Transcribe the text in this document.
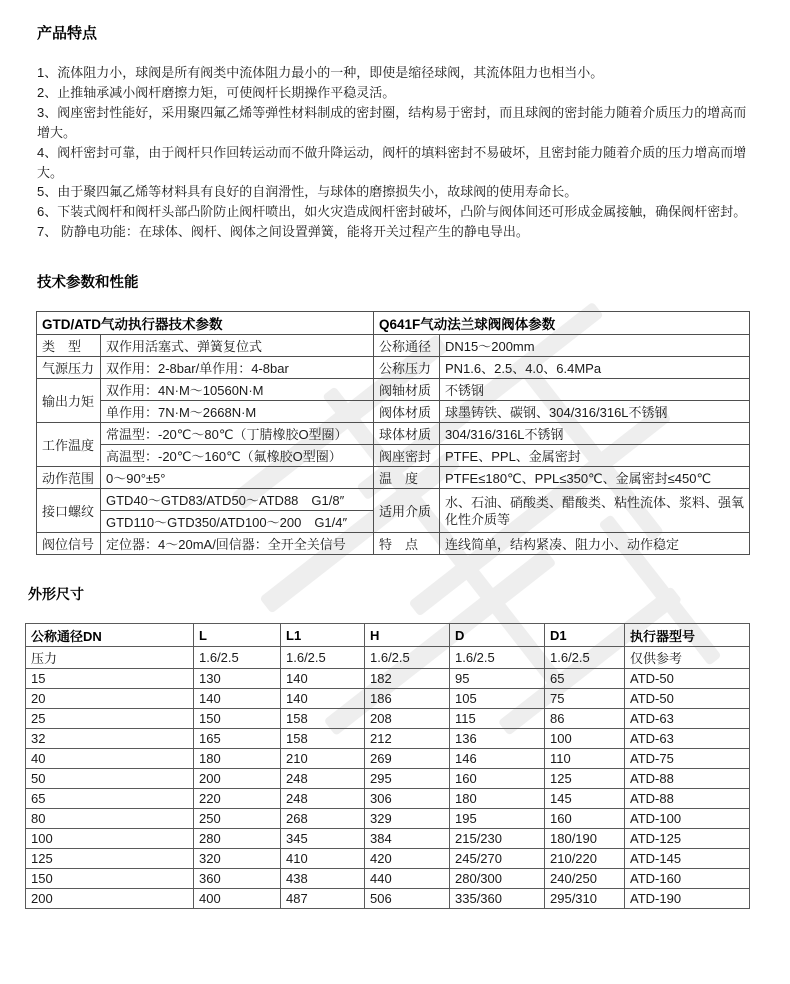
产品特点
1、流体阻力小，球阀是所有阀类中流体阻力最小的一种，即使是缩径球阀，其流体阻力也相当小。
2、止推轴承减小阀杆磨擦力矩，可使阀杆长期操作平稳灵活。
3、阀座密封性能好，采用聚四氟乙烯等弹性材料制成的密封圈，结构易于密封，而且球阀的密封能力随着介质压力的增高而增大。
4、阀杆密封可靠，由于阀杆只作回转运动而不做升降运动，阀杆的填料密封不易破坏，且密封能力随着介质的压力增高而增大。
5、由于聚四氟乙烯等材料具有良好的自润滑性，与球体的磨擦损失小，故球阀的使用寿命长。
6、下装式阀杆和阀杆头部凸阶防止阀杆喷出，如火灾造成阀杆密封破坏，凸阶与阀体间还可形成金属接触，确保阀杆密封。
7、 防静电功能：在球体、阀杆、阀体之间设置弹簧，能将开关过程产生的静电导出。
技术参数和性能
GTD/ATD气动执行器技术参数		Q641F气动法兰球阀阀体参数	
类　型	双作用活塞式、弹簧复位式	公称通径	DN15～200mm
气源压力	双作用：2-8bar/单作用：4-8bar	公称压力	PN1.6、2.5、4.0、6.4MPa
输出力矩	双作用：4N·M～10560N·M	阀轴材质	不锈钢
	单作用：7N·M～2668N·M	阀体材质	球墨铸铁、碳钢、304/316/316L不锈钢
工作温度	常温型：-20℃～80℃（丁腈橡胶O型圈）	球体材质	304/316/316L不锈钢
	高温型：-20℃～160℃（氟橡胶O型圈）	阀座密封	PTFE、PPL、金属密封
动作范围	0～90°±5°	温　度	PTFE≤180℃、PPL≤350℃、金属密封≤450℃
接口螺纹	GTD40～GTD83/ATD50～ATD88　G1/8″	适用介质	水、石油、硝酸类、醋酸类、粘性流体、浆料、强氧化性介质等
	GTD110～GTD350/ATD100～200　G1/4″		
阀位信号	定位器：4～20mA/回信器：全开全关信号	特　点	连线简单，结构紧凑、阻力小、动作稳定
外形尺寸
公称通径DN	L	L1	H	D	D1	执行器型号
压力	1.6/2.5	1.6/2.5	1.6/2.5	1.6/2.5	1.6/2.5	仅供参考
15	130	140	182	95	65	ATD-50
20	140	140	186	105	75	ATD-50
25	150	158	208	115	86	ATD-63
32	165	158	212	136	100	ATD-63
40	180	210	269	146	110	ATD-75
50	200	248	295	160	125	ATD-88
65	220	248	306	180	145	ATD-88
80	250	268	329	195	160	ATD-100
100	280	345	384	215/230	180/190	ATD-125
125	320	410	420	245/270	210/220	ATD-145
150	360	438	440	280/300	240/250	ATD-160
200	400	487	506	335/360	295/310	ATD-190
